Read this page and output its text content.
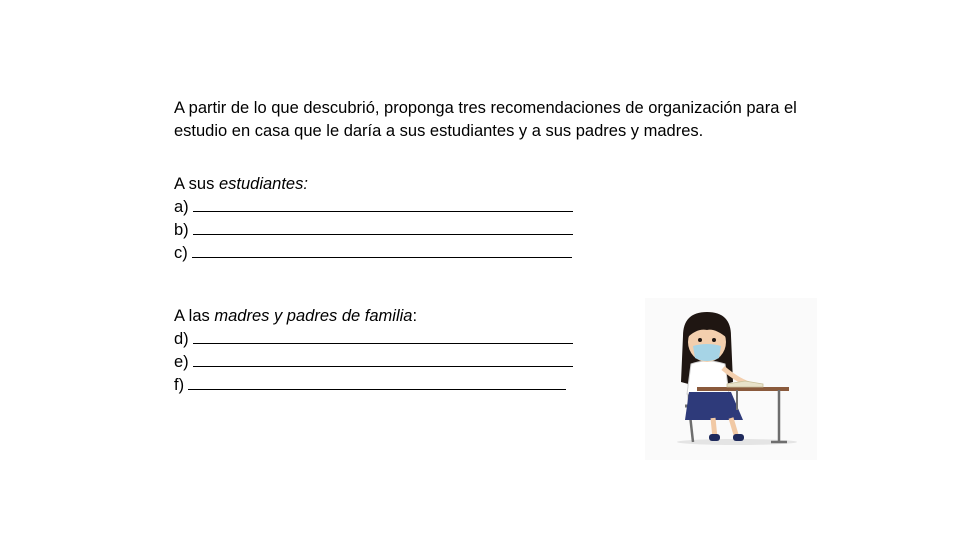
A partir de lo que descubrió, proponga tres recomendaciones de organización para el estudio en casa que le daría a sus estudiantes y a sus padres y madres.

A sus estudiantes:
a)
b)
c)
A las madres y padres de familia :
d)
e)
f)
